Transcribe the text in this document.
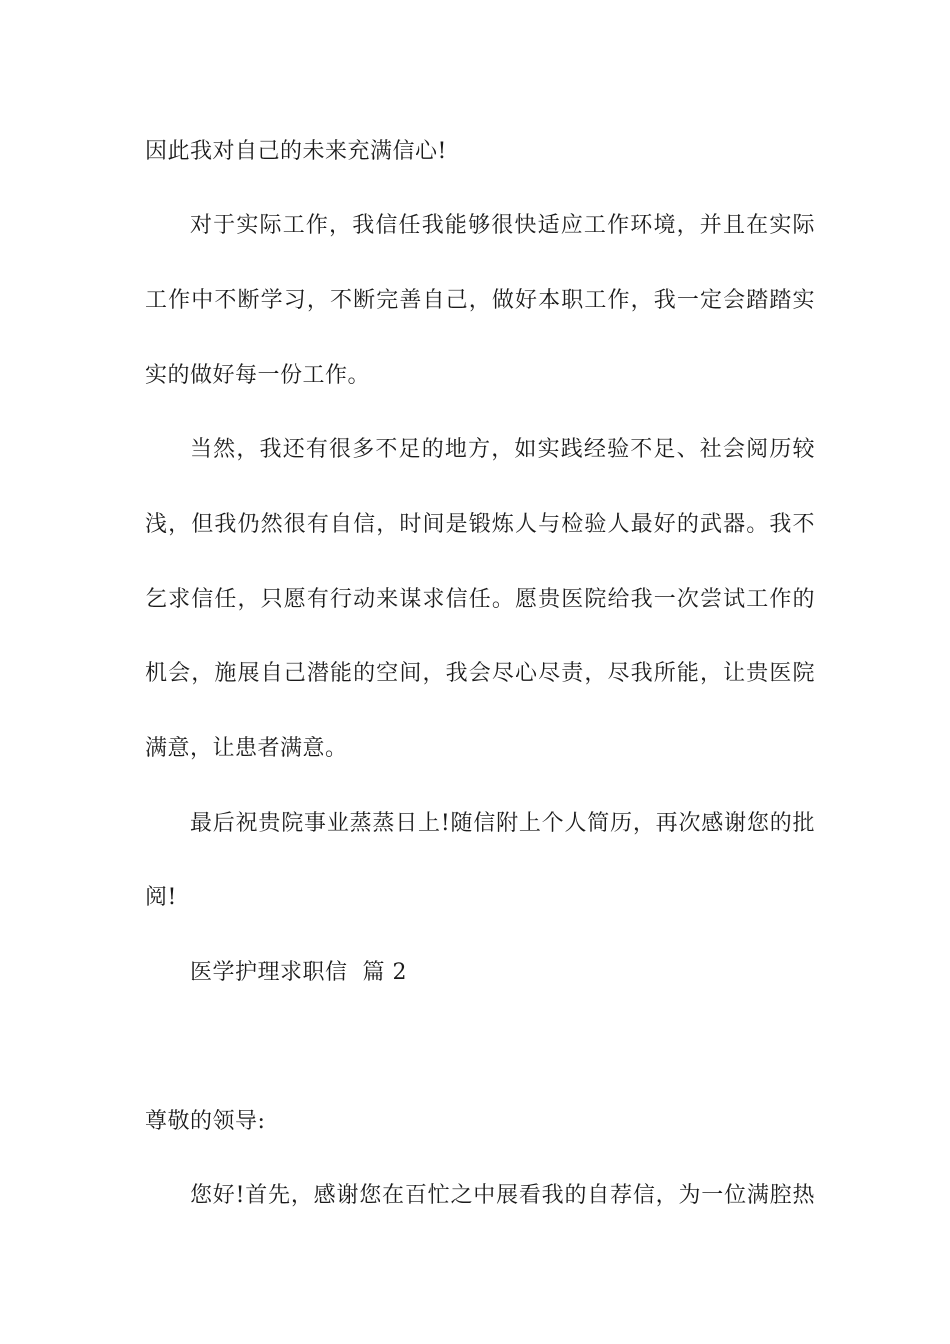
因此我对自己的未来充满信心!
对于实际工作，我信任我能够很快适应工作环境，并且在实际
工作中不断学习，不断完善自己，做好本职工作，我一定会踏踏实
实的做好每一份工作。
当然，我还有很多不足的地方，如实践经验不足、社会阅历较
浅，但我仍然很有自信，时间是锻炼人与检验人最好的武器。我不
乞求信任，只愿有行动来谋求信任。愿贵医院给我一次尝试工作的
机会，施展自己潜能的空间，我会尽心尽责，尽我所能，让贵医院
满意，让患者满意。
最后祝贵院事业蒸蒸日上!随信附上个人简历，再次感谢您的批
阅!
医学护理求职信  篇 2
尊敬的领导:
您好!首先，感谢您在百忙之中展看我的自荐信，为一位满腔热
